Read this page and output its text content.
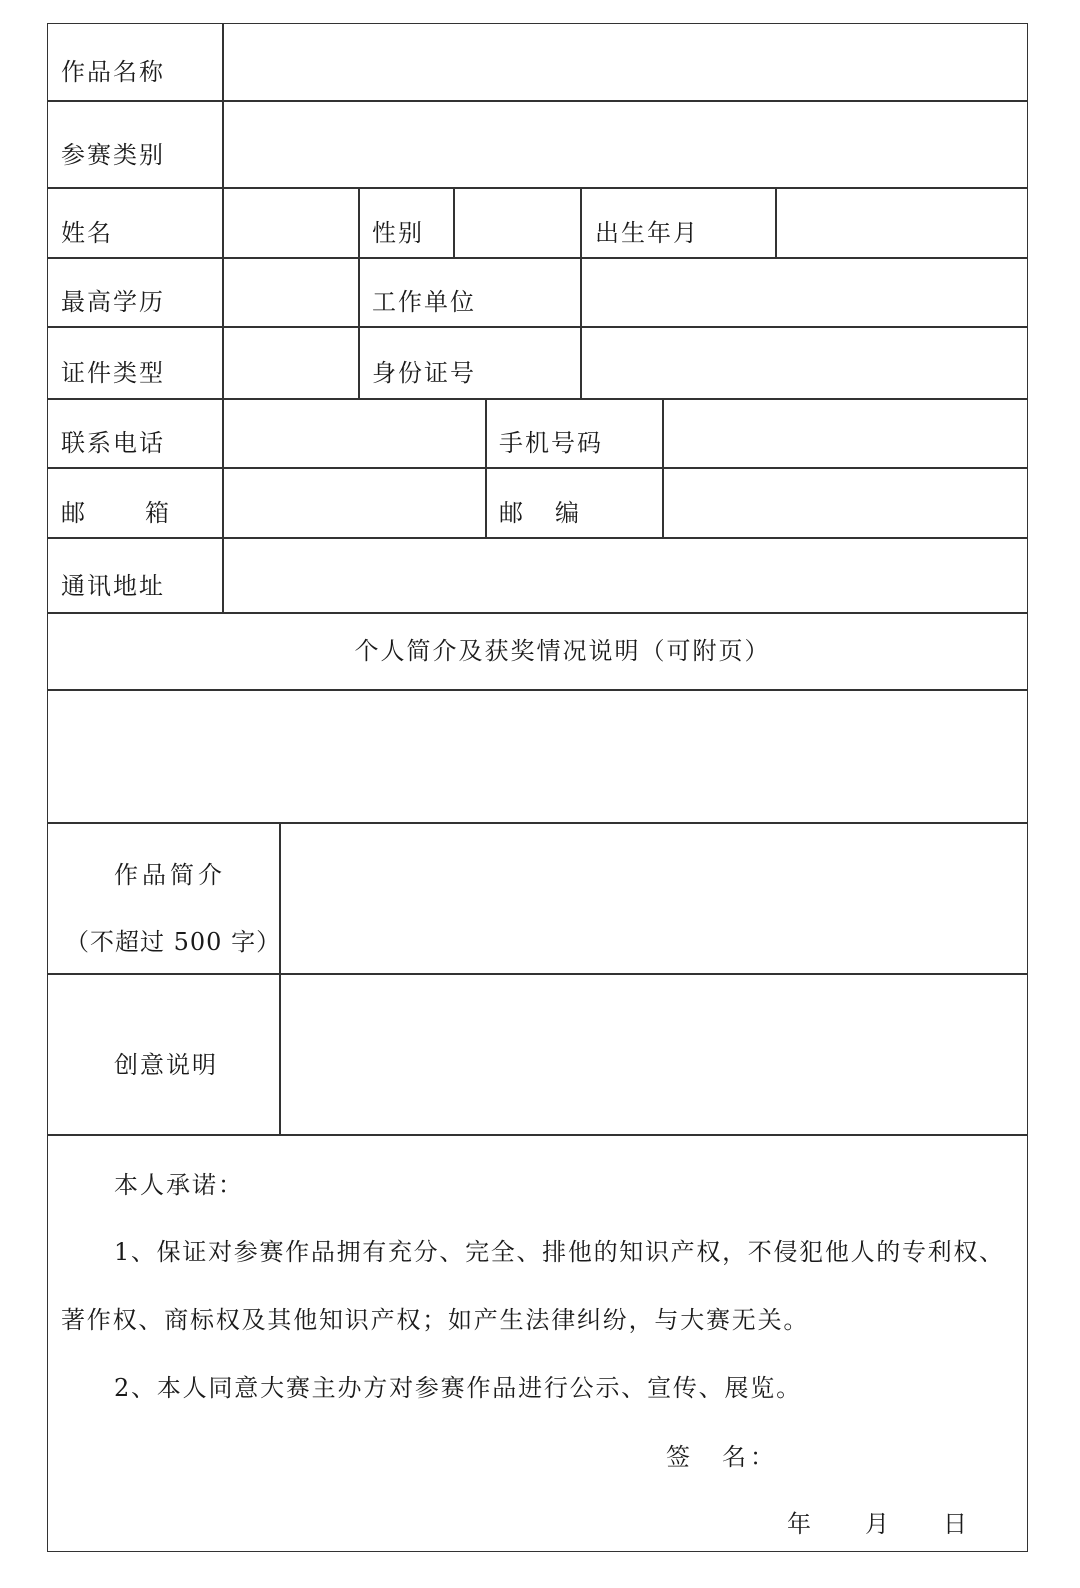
作品名称
参赛类别
姓名	性别	出生年月
最高学历	工作单位
证件类型	身份证号
联系电话	手机号码
邮　　箱	邮　编
通讯地址
个人简介及获奖情况说明（可附页）
作品简介
（不超过 500 字）
创意说明
本人承诺：
1、保证对参赛作品拥有充分、完全、排他的知识产权，不侵犯他人的专利权、
著作权、商标权及其他知识产权；如产生法律纠纷，与大赛无关。
2、本人同意大赛主办方对参赛作品进行公示、宣传、展览。
签　名：
年　　月　　日
